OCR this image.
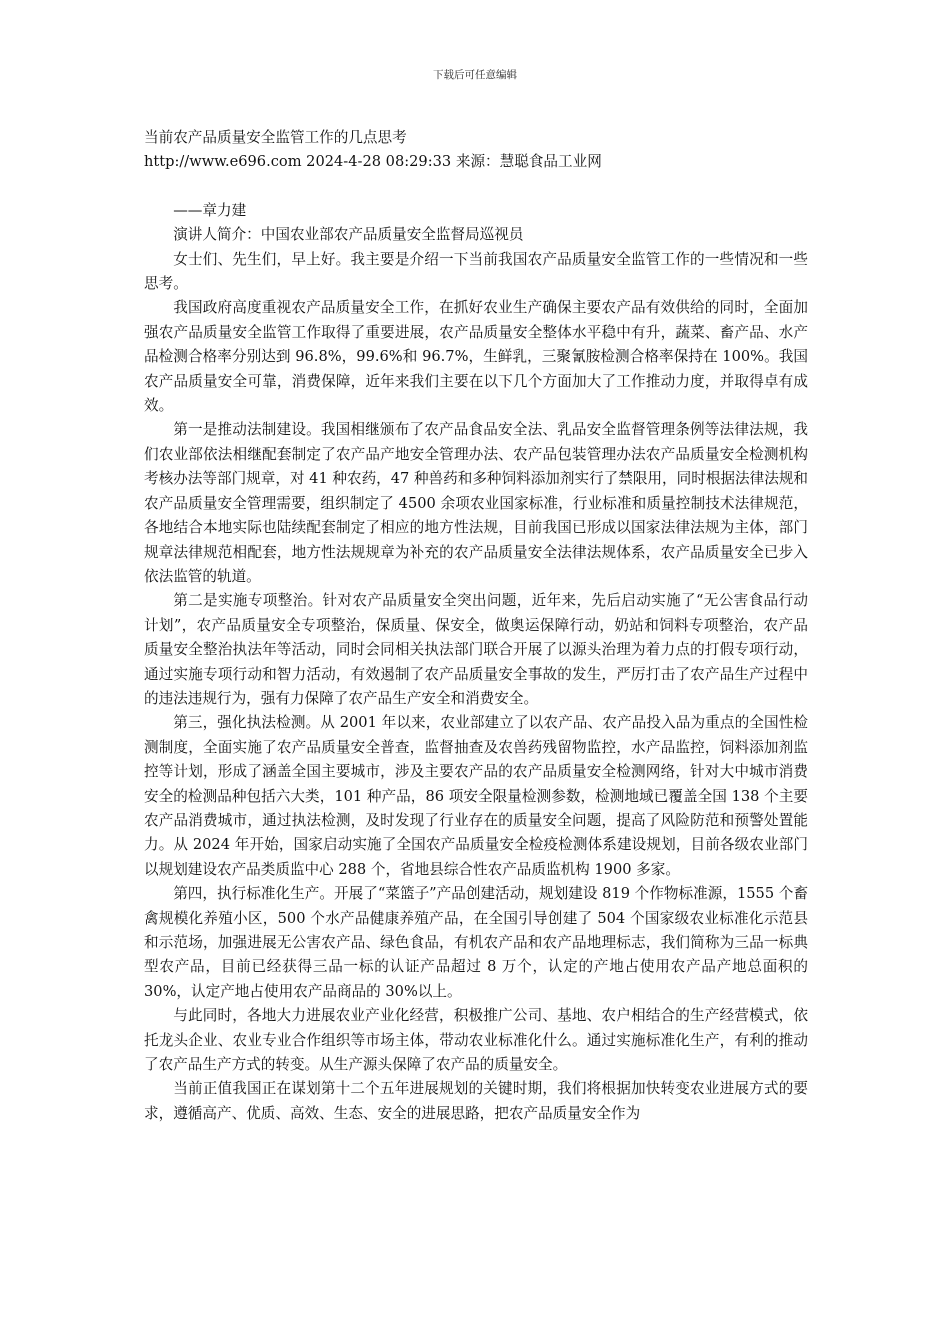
下载后可任意编辑

当前农产品质量安全监管工作的几点思考

http://www.e696.com 2024-4-28 08:29:33 来源：慧聪食品工业网

——章力建

演讲人简介：中国农业部农产品质量安全监督局巡视员

女士们、先生们，早上好。我主要是介绍一下当前我国农产品质量安全监管工作的一些情况和一些思考。

我国政府高度重视农产品质量安全工作，在抓好农业生产确保主要农产品有效供给的同时，全面加强农产品质量安全监管工作取得了重要进展，农产品质量安全整体水平稳中有升，蔬菜、畜产品、水产品检测合格率分别达到 96.8%，99.6%和 96.7%，生鲜乳，三聚氰胺检测合格率保持在 100%。我国农产品质量安全可靠，消费保障，近年来我们主要在以下几个方面加大了工作推动力度，并取得卓有成效。

第一是推动法制建设。我国相继颁布了农产品食品安全法、乳品安全监督管理条例等法律法规，我们农业部依法相继配套制定了农产品产地安全管理办法、农产品包装管理办法农产品质量安全检测机构考核办法等部门规章，对 41 种农药，47 种兽药和多种饲料添加剂实行了禁限用，同时根据法律法规和农产品质量安全管理需要，组织制定了 4500 余项农业国家标准，行业标准和质量控制技术法律规范，各地结合本地实际也陆续配套制定了相应的地方性法规，目前我国已形成以国家法律法规为主体，部门规章法律规范相配套，地方性法规规章为补充的农产品质量安全法律法规体系，农产品质量安全已步入依法监管的轨道。

第二是实施专项整治。针对农产品质量安全突出问题，近年来，先后启动实施了“无公害食品行动计划”，农产品质量安全专项整治，保质量、保安全，做奥运保障行动，奶站和饲料专项整治，农产品质量安全整治执法年等活动，同时会同相关执法部门联合开展了以源头治理为着力点的打假专项行动，通过实施专项行动和智力活动，有效遏制了农产品质量安全事故的发生，严厉打击了农产品生产过程中的违法违规行为，强有力保障了农产品生产安全和消费安全。

第三，强化执法检测。从 2001 年以来，农业部建立了以农产品、农产品投入品为重点的全国性检测制度，全面实施了农产品质量安全普查，监督抽查及农兽药残留物监控，水产品监控，饲料添加剂监控等计划，形成了涵盖全国主要城市，涉及主要农产品的农产品质量安全检测网络，针对大中城市消费安全的检测品种包括六大类，101 种产品，86 项安全限量检测参数，检测地域已覆盖全国 138 个主要农产品消费城市，通过执法检测，及时发现了行业存在的质量安全问题，提高了风险防范和预警处置能力。从 2024 年开始，国家启动实施了全国农产品质量安全检疫检测体系建设规划，目前各级农业部门以规划建设农产品类质监中心 288 个，省地县综合性农产品质监机构 1900 多家。

第四，执行标准化生产。开展了“菜篮子”产品创建活动，规划建设 819 个作物标准源，1555 个畜禽规模化养殖小区，500 个水产品健康养殖产品，在全国引导创建了 504 个国家级农业标准化示范县和示范场，加强进展无公害农产品、绿色食品，有机农产品和农产品地理标志，我们简称为三品一标典型农产品，目前已经获得三品一标的认证产品超过 8 万个，认定的产地占使用农产品产地总面积的 30%，认定产地占使用农产品商品的 30%以上。

与此同时，各地大力进展农业产业化经营，积极推广公司、基地、农户相结合的生产经营模式，依托龙头企业、农业专业合作组织等市场主体，带动农业标准化什么。通过实施标准化生产，有利的推动了农产品生产方式的转变。从生产源头保障了农产品的质量安全。

当前正值我国正在谋划第十二个五年进展规划的关键时期，我们将根据加快转变农业进展方式的要求，遵循高产、优质、高效、生态、安全的进展思路，把农产品质量安全作为
